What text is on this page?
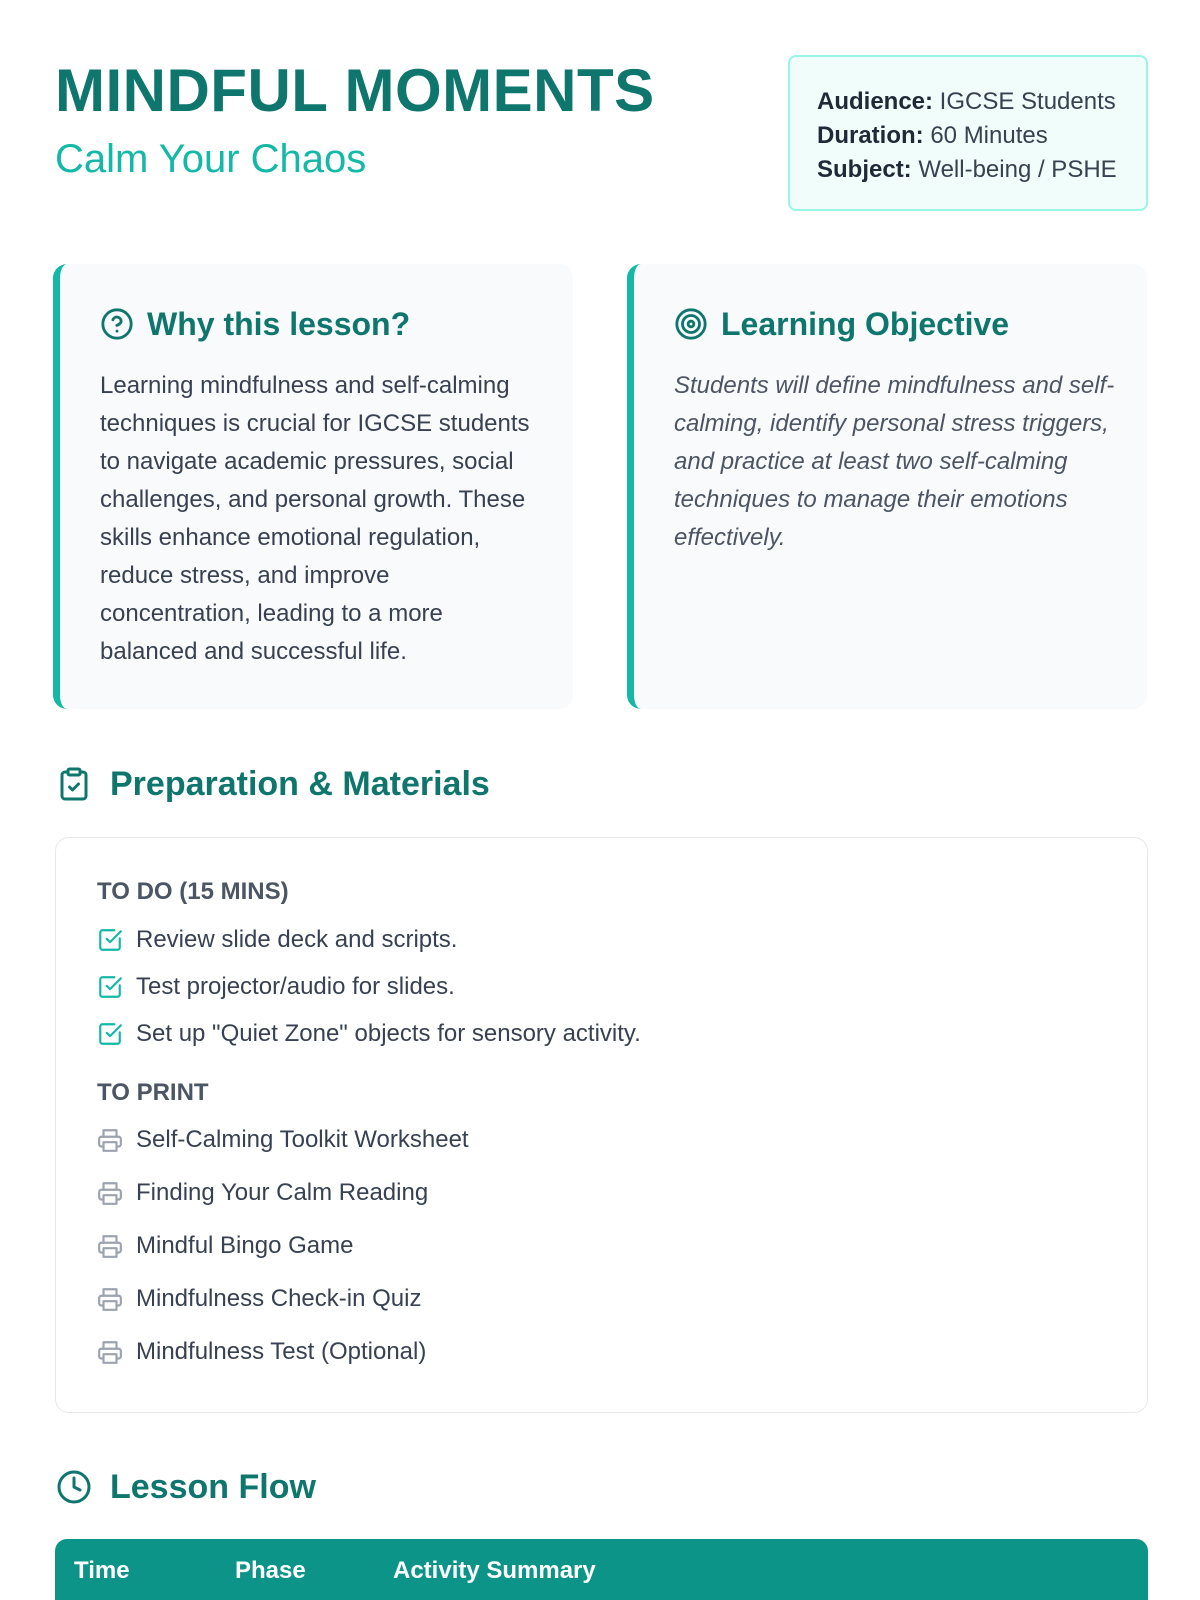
MINDFUL MOMENTS
Calm Your Chaos
Audience: IGCSE Students
Duration: 60 Minutes
Subject: Well-being / PSHE
Why this lesson?
Learning mindfulness and self-calming techniques is crucial for IGCSE students to navigate academic pressures, social challenges, and personal growth. These skills enhance emotional regulation, reduce stress, and improve concentration, leading to a more balanced and successful life.
Learning Objective
Students will define mindfulness and self-calming, identify personal stress triggers, and practice at least two self-calming techniques to manage their emotions effectively.
Preparation & Materials
TO DO (15 MINS)
Review slide deck and scripts.
Test projector/audio for slides.
Set up "Quiet Zone" objects for sensory activity.
TO PRINT
Self-Calming Toolkit Worksheet
Finding Your Calm Reading
Mindful Bingo Game
Mindfulness Check-in Quiz
Mindfulness Test (Optional)
Lesson Flow
Time	Phase	Activity Summary
